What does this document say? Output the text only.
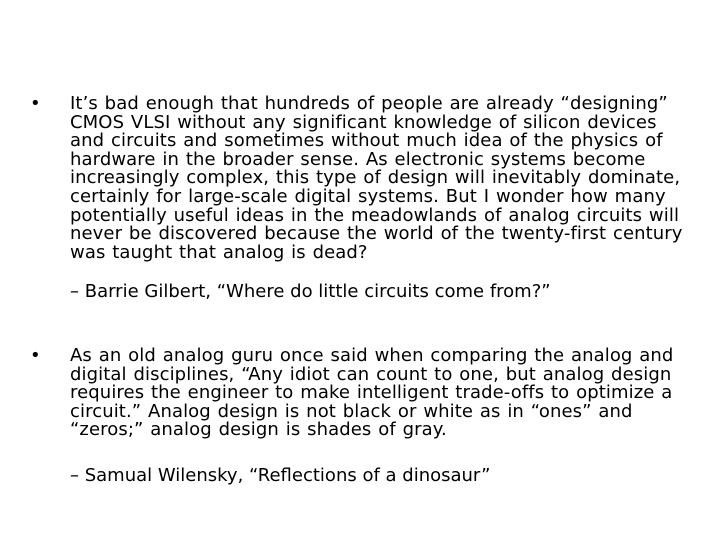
•	It’s bad enough that hundreds of people are already “designing” CMOS VLSI without any significant knowledge of silicon devices and circuits and sometimes without much idea of the physics of hardware in the broader sense. As electronic systems become increasingly complex, this type of design will inevitably dominate, certainly for large-scale digital systems. But I wonder how many potentially useful ideas in the meadowlands of analog circuits will never be discovered because the world of the twenty-first century was taught that analog is dead?
– Barrie Gilbert, “Where do little circuits come from?”
•	As an old analog guru once said when comparing the analog and digital disciplines, “Any idiot can count to one, but analog design requires the engineer to make intelligent trade-offs to optimize a circuit.” Analog design is not black or white as in “ones” and “zeros;” analog design is shades of gray.
– Samual Wilensky, “Reflections of a dinosaur”
